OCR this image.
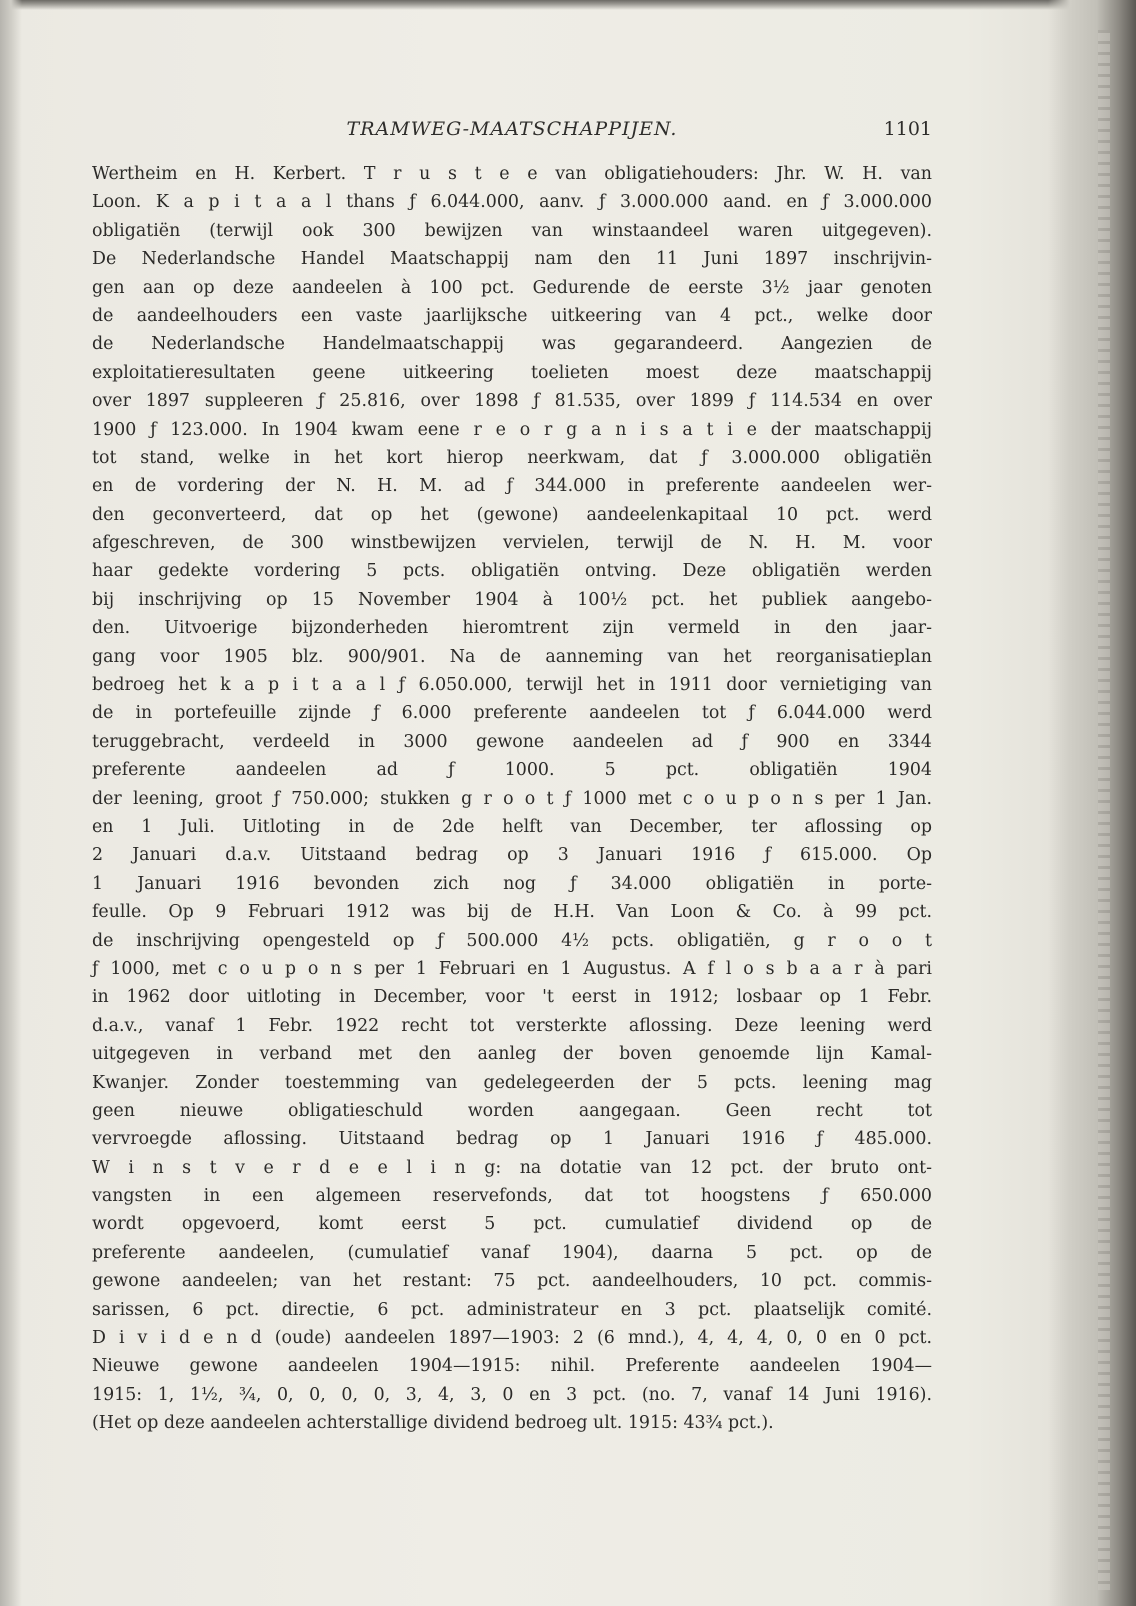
TRAMWEG-MAATSCHAPPIJEN.	1101
Wertheim en H. Kerbert. T r u s t e e van obligatiehouders: Jhr. W. H. van
Loon. K a p i t a a l thans ƒ 6.044.000, aanv. ƒ 3.000.000 aand. en ƒ 3.000.000
obligatiën (terwijl ook 300 bewijzen van winstaandeel waren uitgegeven).
De Nederlandsche Handel Maatschappij nam den 11 Juni 1897 inschrijvin-
gen aan op deze aandeelen à 100 pct. Gedurende de eerste 3½ jaar genoten
de aandeelhouders een vaste jaarlijksche uitkeering van 4 pct., welke door
de Nederlandsche Handelmaatschappij was gegarandeerd. Aangezien de
exploitatieresultaten geene uitkeering toelieten moest deze maatschappij
over 1897 suppleeren ƒ 25.816, over 1898 ƒ 81.535, over 1899 ƒ 114.534 en over
1900 ƒ 123.000. In 1904 kwam eene r e o r g a n i s a t i e der maatschappij
tot stand, welke in het kort hierop neerkwam, dat ƒ 3.000.000 obligatiën
en de vordering der N. H. M. ad ƒ 344.000 in preferente aandeelen wer-
den geconverteerd, dat op het (gewone) aandeelenkapitaal 10 pct. werd
afgeschreven, de 300 winstbewijzen vervielen, terwijl de N. H. M. voor
haar gedekte vordering 5 pcts. obligatiën ontving. Deze obligatiën werden
bij inschrijving op 15 November 1904 à 100½ pct. het publiek aangebo-
den. Uitvoerige bijzonderheden hieromtrent zijn vermeld in den jaar-
gang voor 1905 blz. 900/901. Na de aanneming van het reorganisatieplan
bedroeg het k a p i t a a l ƒ 6.050.000, terwijl het in 1911 door vernietiging van
de in portefeuille zijnde ƒ 6.000 preferente aandeelen tot ƒ 6.044.000 werd
teruggebracht, verdeeld in 3000 gewone aandeelen ad ƒ 900 en 3344
preferente aandeelen ad ƒ 1000. 5 pct. obligatiën 1904
der leening, groot ƒ 750.000; stukken g r o o t ƒ 1000 met c o u p o n s per 1 Jan.
en 1 Juli. Uitloting in de 2de helft van December, ter aflossing op
2 Januari d.a.v. Uitstaand bedrag op 3 Januari 1916 ƒ 615.000. Op
1 Januari 1916 bevonden zich nog ƒ 34.000 obligatiën in porte-
feulle. Op 9 Februari 1912 was bij de H.H. Van Loon & Co. à 99 pct.
de inschrijving opengesteld op ƒ 500.000 4½ pcts. obligatiën, g r o o t
ƒ 1000, met c o u p o n s per 1 Februari en 1 Augustus. A f l o s b a a r à pari
in 1962 door uitloting in December, voor 't eerst in 1912; losbaar op 1 Febr.
d.a.v., vanaf 1 Febr. 1922 recht tot versterkte aflossing. Deze leening werd
uitgegeven in verband met den aanleg der boven genoemde lijn Kamal-
Kwanjer. Zonder toestemming van gedelegeerden der 5 pcts. leening mag
geen nieuwe obligatieschuld worden aangegaan. Geen recht tot
vervroegde aflossing. Uitstaand bedrag op 1 Januari 1916 ƒ 485.000.
W i n s t v e r d e e l i n g: na dotatie van 12 pct. der bruto ont-
vangsten in een algemeen reservefonds, dat tot hoogstens ƒ 650.000
wordt opgevoerd, komt eerst 5 pct. cumulatief dividend op de
preferente aandeelen, (cumulatief vanaf 1904), daarna 5 pct. op de
gewone aandeelen; van het restant: 75 pct. aandeelhouders, 10 pct. commis-
sarissen, 6 pct. directie, 6 pct. administrateur en 3 pct. plaatselijk comité.
D i v i d e n d (oude) aandeelen 1897—1903: 2 (6 mnd.), 4, 4, 4, 0, 0 en 0 pct.
Nieuwe gewone aandeelen 1904—1915: nihil. Preferente aandeelen 1904—
1915: 1, 1½, ¾, 0, 0, 0, 0, 3, 4, 3, 0 en 3 pct. (no. 7, vanaf 14 Juni 1916).
(Het op deze aandeelen achterstallige dividend bedroeg ult. 1915: 43¾ pct.).
